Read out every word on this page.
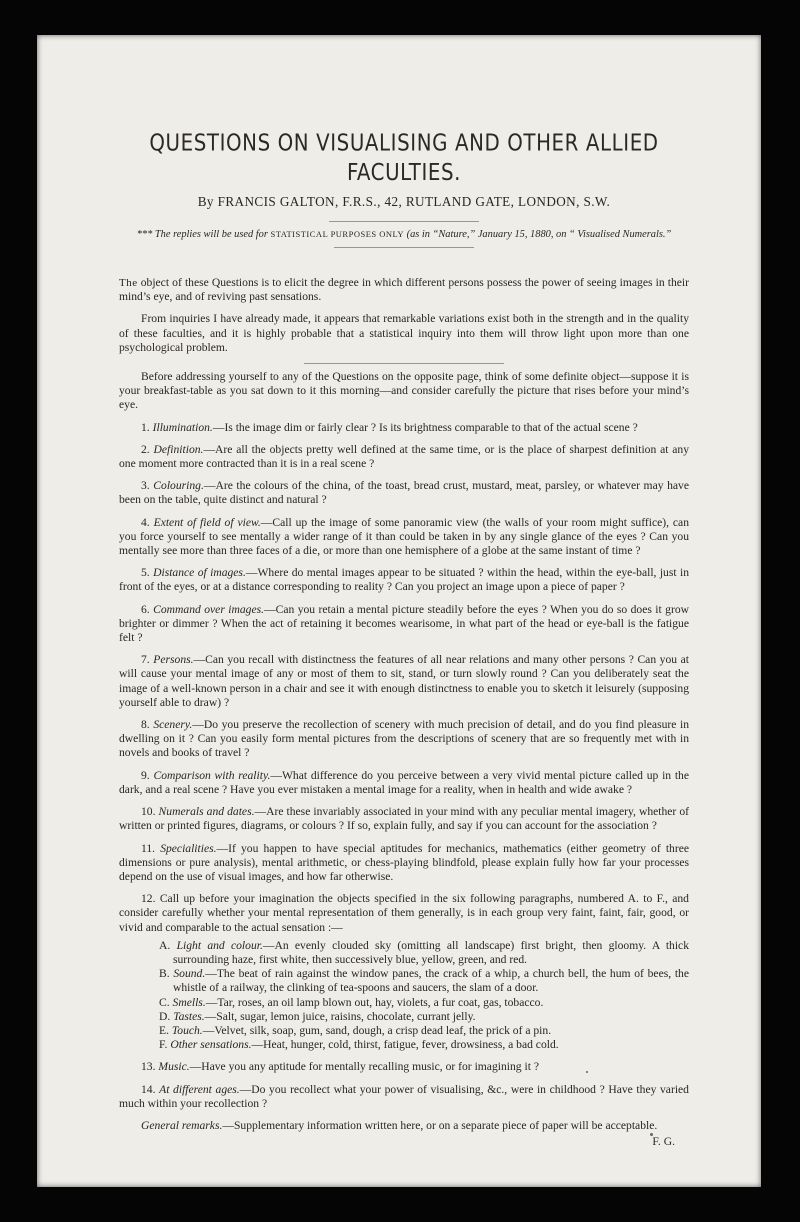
QUESTIONS ON VISUALISING AND OTHER ALLIED FACULTIES.
By FRANCIS GALTON, F.R.S., 42, RUTLAND GATE, LONDON, S.W.
*** The replies will be used for STATISTICAL PURPOSES ONLY (as in “Nature,” January 15, 1880, on “ Visualised Numerals.”

The object of these Questions is to elicit the degree in which different persons possess the power of seeing images in their mind’s eye, and of reviving past sensations.

From inquiries I have already made, it appears that remarkable variations exist both in the strength and in the quality of these faculties, and it is highly probable that a statistical inquiry into them will throw light upon more than one psychological problem.

Before addressing yourself to any of the Questions on the opposite page, think of some definite object—suppose it is your breakfast-table as you sat down to it this morning—and consider carefully the picture that rises before your mind’s eye.

1. Illumination.—Is the image dim or fairly clear ? Is its brightness comparable to that of the actual scene ?

2. Definition.—Are all the objects pretty well defined at the same time, or is the place of sharpest definition at any one moment more contracted than it is in a real scene ?

3. Colouring.—Are the colours of the china, of the toast, bread crust, mustard, meat, parsley, or whatever may have been on the table, quite distinct and natural ?

4. Extent of field of view.—Call up the image of some panoramic view (the walls of your room might suffice), can you force yourself to see mentally a wider range of it than could be taken in by any single glance of the eyes ? Can you mentally see more than three faces of a die, or more than one hemisphere of a globe at the same instant of time ?

5. Distance of images.—Where do mental images appear to be situated ? within the head, within the eye-ball, just in front of the eyes, or at a distance corresponding to reality ? Can you project an image upon a piece of paper ?

6. Command over images.—Can you retain a mental picture steadily before the eyes ? When you do so does it grow brighter or dimmer ? When the act of retaining it becomes wearisome, in what part of the head or eye-ball is the fatigue felt ?

7. Persons.—Can you recall with distinctness the features of all near relations and many other persons ? Can you at will cause your mental image of any or most of them to sit, stand, or turn slowly round ? Can you deliberately seat the image of a well-known person in a chair and see it with enough distinctness to enable you to sketch it leisurely (supposing yourself able to draw) ?

8. Scenery.—Do you preserve the recollection of scenery with much precision of detail, and do you find pleasure in dwelling on it ? Can you easily form mental pictures from the descriptions of scenery that are so frequently met with in novels and books of travel ?

9. Comparison with reality.—What difference do you perceive between a very vivid mental picture called up in the dark, and a real scene ? Have you ever mistaken a mental image for a reality, when in health and wide awake ?

10. Numerals and dates.—Are these invariably associated in your mind with any peculiar mental imagery, whether of written or printed figures, diagrams, or colours ? If so, explain fully, and say if you can account for the association ?

11. Specialities.—If you happen to have special aptitudes for mechanics, mathematics (either geometry of three dimensions or pure analysis), mental arithmetic, or chess-playing blindfold, please explain fully how far your processes depend on the use of visual images, and how far otherwise.

12. Call up before your imagination the objects specified in the six following paragraphs, numbered A. to F., and consider carefully whether your mental representation of them generally, is in each group very faint, faint, fair, good, or vivid and comparable to the actual sensation :—

A. Light and colour.—An evenly clouded sky (omitting all landscape) first bright, then gloomy. A thick surrounding haze, first white, then successively blue, yellow, green, and red.
B. Sound.—The beat of rain against the window panes, the crack of a whip, a church bell, the hum of bees, the whistle of a railway, the clinking of tea-spoons and saucers, the slam of a door.
C. Smells.—Tar, roses, an oil lamp blown out, hay, violets, a fur coat, gas, tobacco.
D. Tastes.—Salt, sugar, lemon juice, raisins, chocolate, currant jelly.
E. Touch.—Velvet, silk, soap, gum, sand, dough, a crisp dead leaf, the prick of a pin.
F. Other sensations.—Heat, hunger, cold, thirst, fatigue, fever, drowsiness, a bad cold.

13. Music.—Have you any aptitude for mentally recalling music, or for imagining it ?

14. At different ages.—Do you recollect what your power of visualising, &c., were in childhood ? Have they varied much within your recollection ?

General remarks.—Supplementary information written here, or on a separate piece of paper will be acceptable.

F. G.
